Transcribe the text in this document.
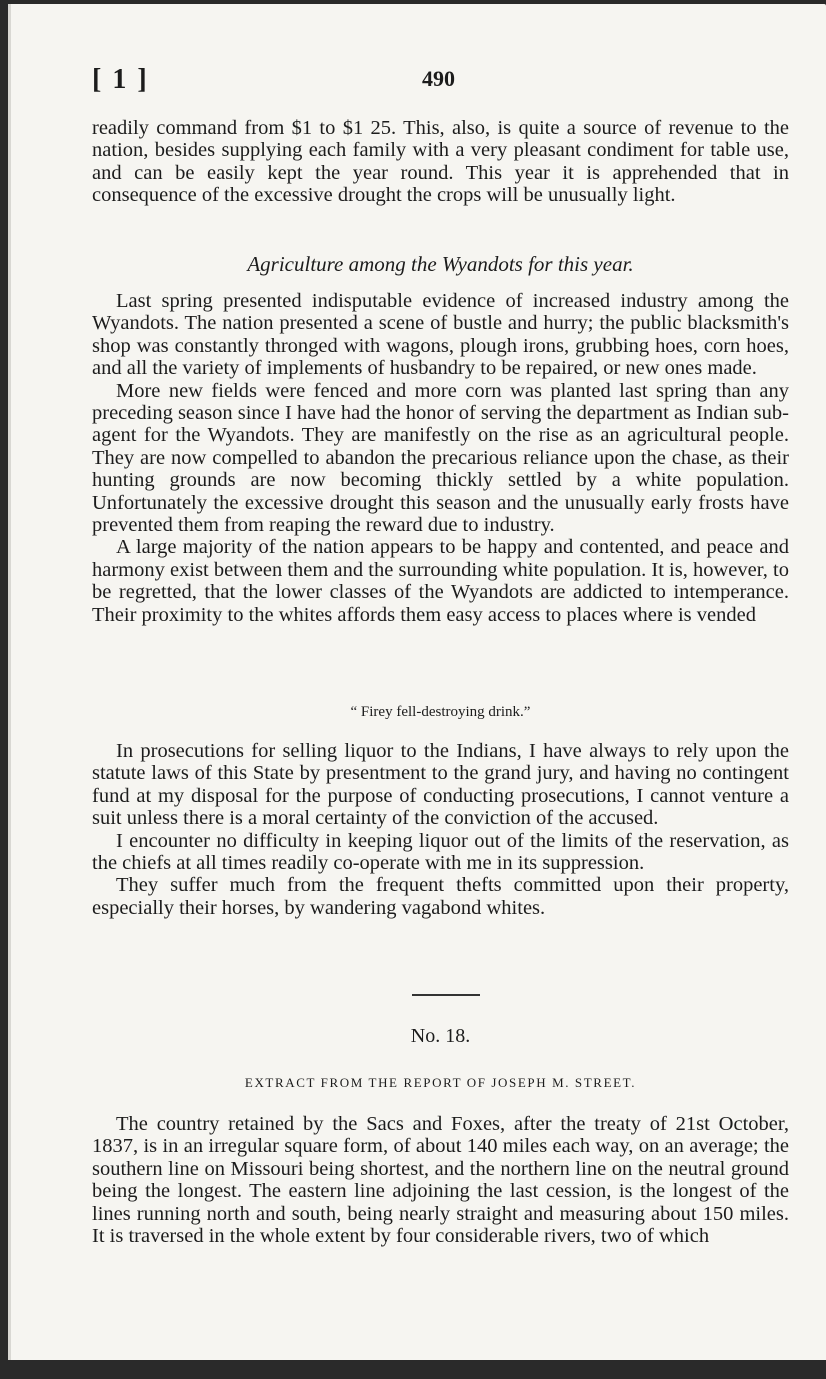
[ 1 ]	490
readily command from $1 to $1 25. This, also, is quite a source of revenue to the nation, besides supplying each family with a very pleasant condiment for table use, and can be easily kept the year round. This year it is apprehended that in consequence of the excessive drought the crops will be unusually light.
Agriculture among the Wyandots for this year.
Last spring presented indisputable evidence of increased industry among the Wyandots. The nation presented a scene of bustle and hurry; the public blacksmith's shop was constantly thronged with wagons, plough irons, grubbing hoes, corn hoes, and all the variety of implements of husbandry to be repaired, or new ones made.
More new fields were fenced and more corn was planted last spring than any preceding season since I have had the honor of serving the department as Indian sub-agent for the Wyandots. They are manifestly on the rise as an agricultural people. They are now compelled to abandon the precarious reliance upon the chase, as their hunting grounds are now becoming thickly settled by a white population. Unfortunately the excessive drought this season and the unusually early frosts have prevented them from reaping the reward due to industry.
A large majority of the nation appears to be happy and contented, and peace and harmony exist between them and the surrounding white population. It is, however, to be regretted, that the lower classes of the Wyandots are addicted to intemperance. Their proximity to the whites affords them easy access to places where is vended
“ Firey fell-destroying drink.”
In prosecutions for selling liquor to the Indians, I have always to rely upon the statute laws of this State by presentment to the grand jury, and having no contingent fund at my disposal for the purpose of conducting prosecutions, I cannot venture a suit unless there is a moral certainty of the conviction of the accused.
I encounter no difficulty in keeping liquor out of the limits of the reservation, as the chiefs at all times readily co-operate with me in its suppression.
They suffer much from the frequent thefts committed upon their property, especially their horses, by wandering vagabond whites.
No. 18.
EXTRACT FROM THE REPORT OF JOSEPH M. STREET.
The country retained by the Sacs and Foxes, after the treaty of 21st October, 1837, is in an irregular square form, of about 140 miles each way, on an average; the southern line on Missouri being shortest, and the northern line on the neutral ground being the longest. The eastern line adjoining the last cession, is the longest of the lines running north and south, being nearly straight and measuring about 150 miles. It is traversed in the whole extent by four considerable rivers, two of which
